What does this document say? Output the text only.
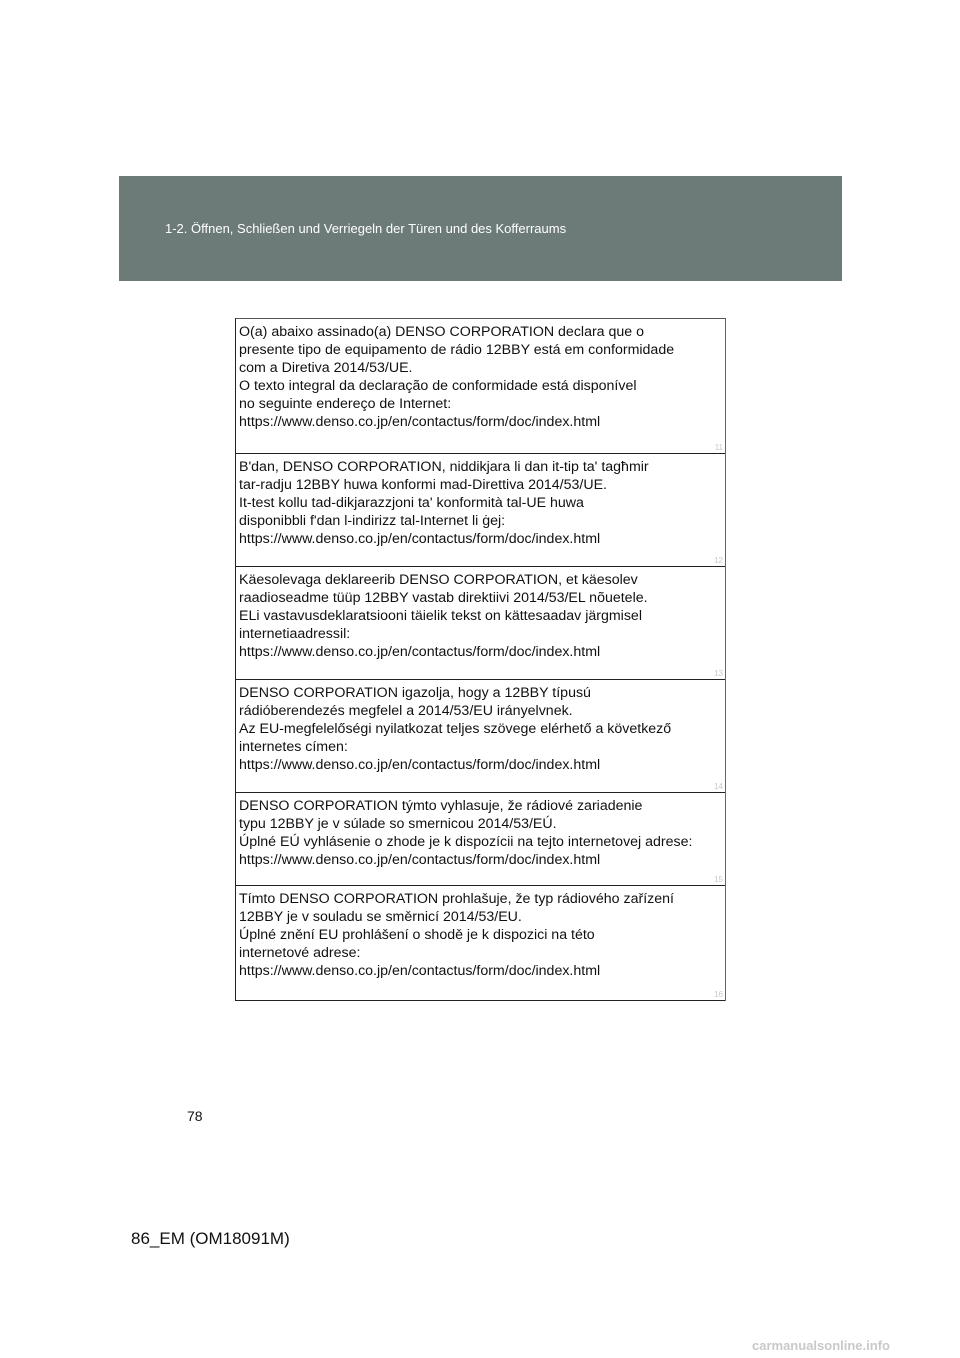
1-2. Öffnen, Schließen und Verriegeln der Türen und des Kofferraums
O(a) abaixo assinado(a) DENSO CORPORATION declara que o
presente tipo de equipamento de rádio 12BBY está em conformidade
com a Diretiva 2014/53/UE.
O texto integral da declaração de conformidade está disponível
no seguinte endereço de Internet:
https://www.denso.co.jp/en/contactus/form/doc/index.html
11
B'dan, DENSO CORPORATION, niddikjara li dan it-tip ta' tagħmir
tar-radju 12BBY huwa konformi mad-Direttiva 2014/53/UE.
It-test kollu tad-dikjarazzjoni ta' konformità tal-UE huwa
disponibbli f'dan l-indirizz tal-Internet li ġej:
https://www.denso.co.jp/en/contactus/form/doc/index.html
12
Käesolevaga deklareerib DENSO CORPORATION, et käesolev
raadioseadme tüüp 12BBY vastab direktiivi 2014/53/EL nõuetele.
ELi vastavusdeklaratsiooni täielik tekst on kättesaadav järgmisel
internetiaadressil:
https://www.denso.co.jp/en/contactus/form/doc/index.html
13
DENSO CORPORATION igazolja, hogy a 12BBY típusú
rádióberendezés megfelel a 2014/53/EU irányelvnek.
Az EU-megfelelőségi nyilatkozat teljes szövege elérhető a következő
internetes címen:
https://www.denso.co.jp/en/contactus/form/doc/index.html
14
DENSO CORPORATION týmto vyhlasuje, že rádiové zariadenie
typu 12BBY je v súlade so smernicou 2014/53/EÚ.
Úplné EÚ vyhlásenie o zhode je k dispozícii na tejto internetovej adrese:
https://www.denso.co.jp/en/contactus/form/doc/index.html
15
Tímto DENSO CORPORATION prohlašuje, že typ rádiového zařízení
12BBY je v souladu se směrnicí 2014/53/EU.
Úplné znění EU prohlášení o shodě je k dispozici na této
internetové adrese:
https://www.denso.co.jp/en/contactus/form/doc/index.html
16
78
86_EM (OM18091M)
carmanualsonline.info
